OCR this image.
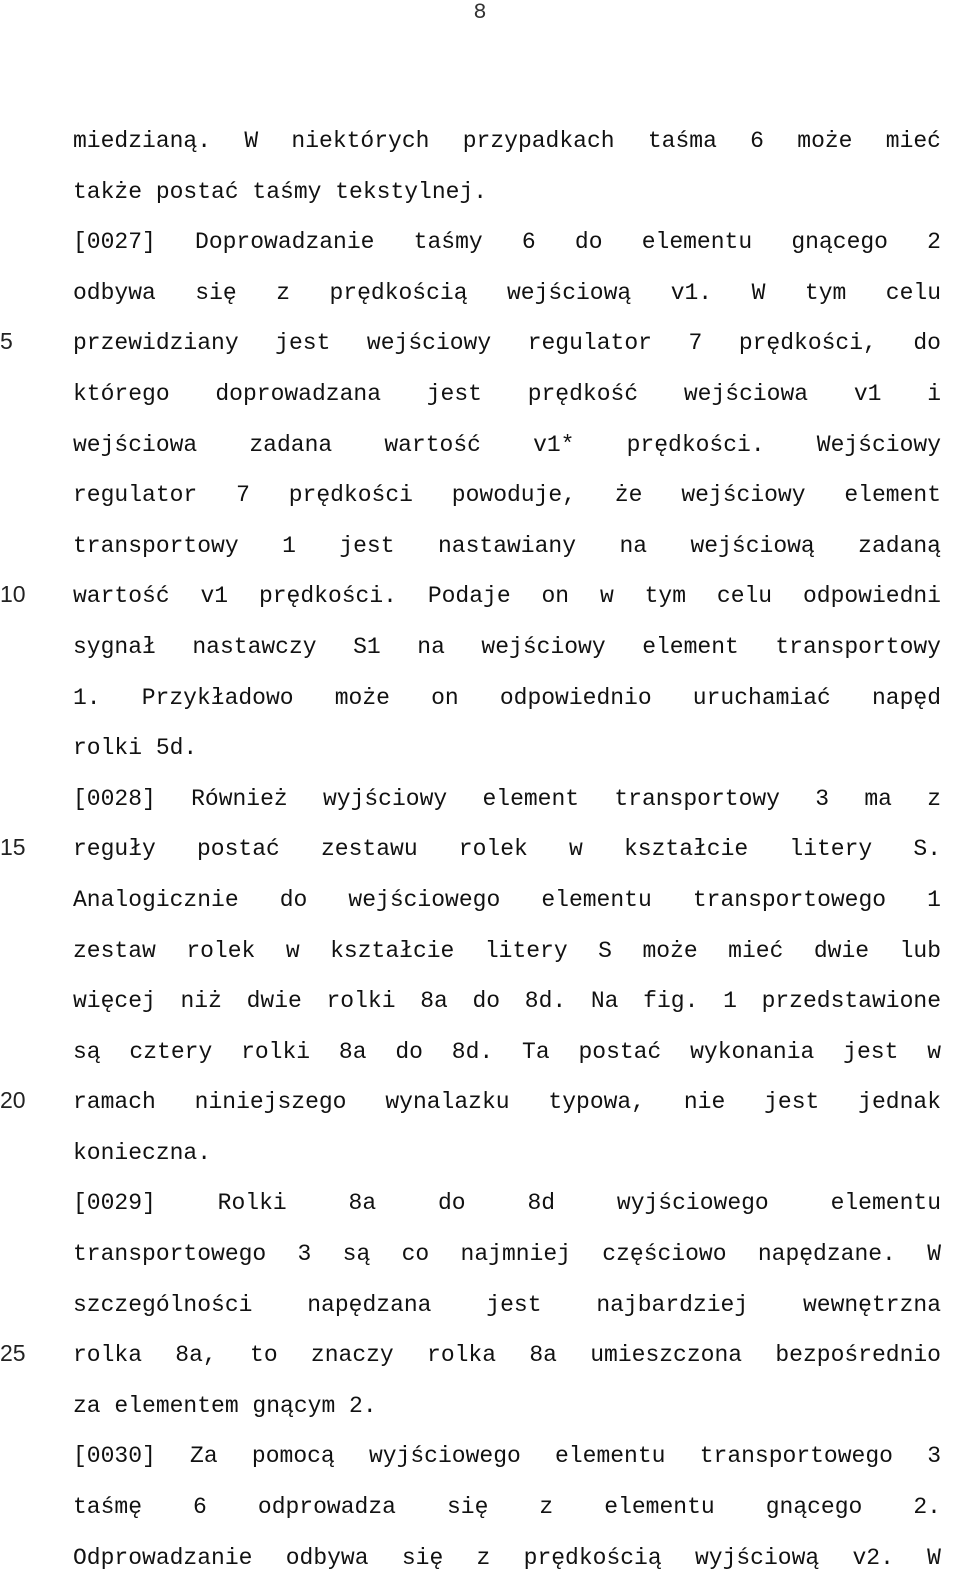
8
5
10
15
20
25
miedzianą. W niektórych przypadkach taśma 6 może mieć
także postać taśmy tekstylnej.
[0027] Doprowadzanie taśmy 6 do elementu gnącego 2
odbywa się z prędkością wejściową v1. W tym celu
przewidziany jest wejściowy regulator 7 prędkości, do
którego doprowadzana jest prędkość wejściowa v1 i
wejściowa zadana wartość v1* prędkości. Wejściowy
regulator 7 prędkości powoduje, że wejściowy element
transportowy 1 jest nastawiany na wejściową zadaną
wartość v1 prędkości. Podaje on w tym celu odpowiedni
sygnał nastawczy S1 na wejściowy element transportowy
1. Przykładowo może on odpowiednio uruchamiać napęd
rolki 5d.
[0028] Również wyjściowy element transportowy 3 ma z
reguły postać zestawu rolek w kształcie litery S.
Analogicznie do wejściowego elementu transportowego 1
zestaw rolek w kształcie litery S może mieć dwie lub
więcej niż dwie rolki 8a do 8d. Na fig. 1 przedstawione
są cztery rolki 8a do 8d. Ta postać wykonania jest w
ramach niniejszego wynalazku typowa, nie jest jednak
konieczna.
[0029] Rolki 8a do 8d wyjściowego elementu
transportowego 3 są co najmniej częściowo napędzane. W
szczególności napędzana jest najbardziej wewnętrzna
rolka 8a, to znaczy rolka 8a umieszczona bezpośrednio
za elementem gnącym 2.
[0030] Za pomocą wyjściowego elementu transportowego 3
taśmę 6 odprowadza się z elementu gnącego 2.
Odprowadzanie odbywa się z prędkością wyjściową v2. W
